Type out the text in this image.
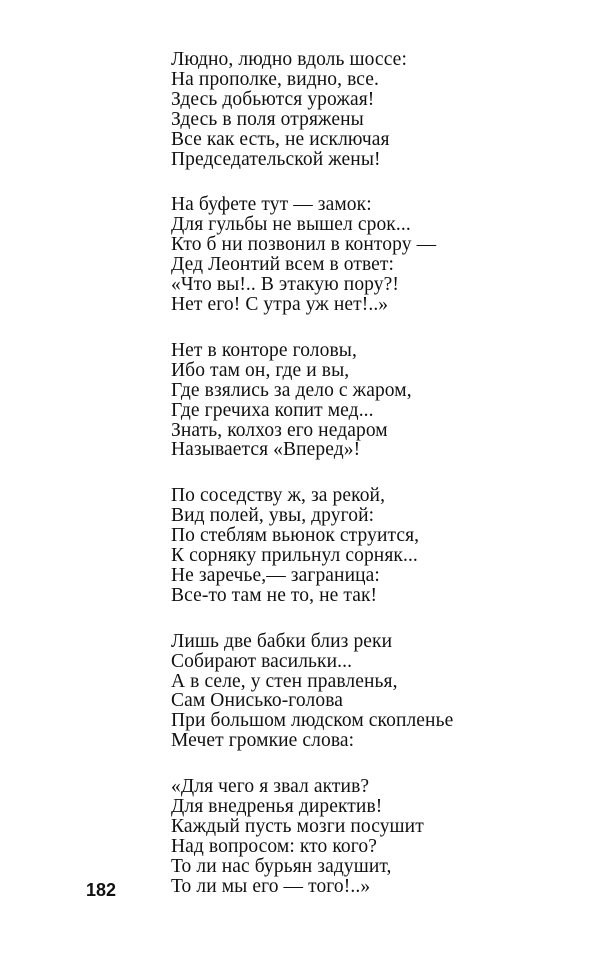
Людно, людно вдоль шоссе:
На прополке, видно, все.
Здесь добьются урожая!
Здесь в поля отряжены
Все как есть, не исключая
Председательской жены!
На буфете тут — замок:
Для гульбы не вышел срок...
Кто б ни позвонил в контору —
Дед Леонтий всем в ответ:
«Что вы!.. В этакую пору?!
Нет его! С утра уж нет!..»
Нет в конторе головы,
Ибо там он, где и вы,
Где взялись за дело с жаром,
Где гречиха копит мед...
Знать, колхоз его недаром
Называется «Вперед»!
По соседству ж, за рекой,
Вид полей, увы, другой:
По стеблям вьюнок струится,
К сорняку прильнул сорняк...
Не заречье,— заграница:
Все-то там не то, не так!
Лишь две бабки близ реки
Собирают васильки...
А в селе, у стен правленья,
Сам Онисько-голова
При большом людском скопленье
Мечет громкие слова:
«Для чего я звал актив?
Для внедренья директив!
Каждый пусть мозги посушит
Над вопросом: кто кого?
То ли нас бурьян задушит,
То ли мы его — того!..»
182
